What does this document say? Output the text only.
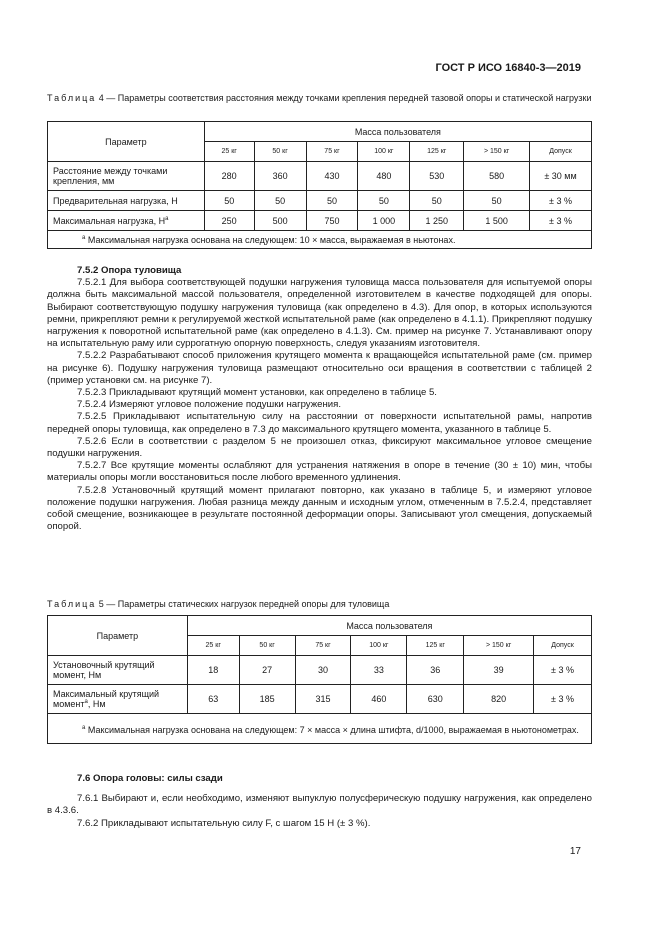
ГОСТ Р ИСО 16840-3—2019
Таблица 4 — Параметры соответствия расстояния между точками крепления передней тазовой опоры и статической нагрузки
Параметр	Масса пользователя						
	25 кг	50 кг	75 кг	100 кг	125 кг	> 150 кг	Допуск
Расстояние между точками крепления, мм	280	360	430	480	530	580	± 30 мм
Предварительная нагрузка, Н	50	50	50	50	50	50	± 3 %
Максимальная нагрузка, $Н^a$	250	500	750	1 000	1 250	1 500	± 3 %
$^a$ Максимальная нагрузка основана на следующем: 10 × масса, выражаемая в ньютонах.							

7.5.2 Опора туловища

7.5.2.1 Для выбора соответствующей подушки нагружения туловища масса пользователя для испытуемой опоры должна быть максимальной массой пользователя, определенной изготовителем в качестве подходящей для опоры. Выбирают соответствующую подушку нагружения туловища (как определено в 4.3). Для опор, в которых используются ремни, прикрепляют ремни к регулируемой жесткой испытательной раме (как определено в 4.1.1). Прикрепляют подушку нагружения к поворотной испытательной раме (как определено в 4.1.3). См. пример на рисунке 7. Устанавливают опору на испытательную раму или суррогатную опорную поверхность, следуя указаниям изготовителя.

7.5.2.2 Разрабатывают способ приложения крутящего момента к вращающейся испытательной раме (см. пример на рисунке 6). Подушку нагружения туловища размещают относительно оси вращения в соответствии с таблицей 2 (пример установки см. на рисунке 7).

7.5.2.3 Прикладывают крутящий момент установки, как определено в таблице 5.

7.5.2.4 Измеряют угловое положение подушки нагружения.

7.5.2.5 Прикладывают испытательную силу на расстоянии от поверхности испытательной рамы, напротив передней опоры туловища, как определено в 7.3 до максимального крутящего момента, указанного в таблице 5.

7.5.2.6 Если в соответствии с разделом 5 не произошел отказ, фиксируют максимальное угловое смещение подушки нагружения.

7.5.2.7 Все крутящие моменты ослабляют для устранения натяжения в опоре в течение (30 ± 10) мин, чтобы материалы опоры могли восстановиться после любого временного удлинения.

7.5.2.8 Установочный крутящий момент прилагают повторно, как указано в таблице 5, и измеряют угловое положение подушки нагружения. Любая разница между данным и исходным углом, отмеченным в 7.5.2.4, представляет собой смещение, возникающее в результате постоянной деформации опоры. Записывают угол смещения, допускаемый опорой.

Таблица 5 — Параметры статических нагрузок передней опоры для туловища
Параметр	Масса пользователя						
	25 кг	50 кг	75 кг	100 кг	125 кг	> 150 кг	Допуск
Установочный крутящий момент, Нм	18	27	30	33	36	39	± 3 %
Максимальный крутящий момент$^a$, Нм	63	185	315	460	630	820	± 3 %
$^a$ Максимальная нагрузка основана на следующем: 7 × масса × длина штифта, d/1000, выражаемая в ньютонометрах.							

7.6 Опора головы: силы сзади

7.6.1 Выбирают и, если необходимо, изменяют выпуклую полусферическую подушку нагружения, как определено в 4.3.6.

7.6.2 Прикладывают испытательную силу F, с шагом 15 Н (± 3 %).

17
